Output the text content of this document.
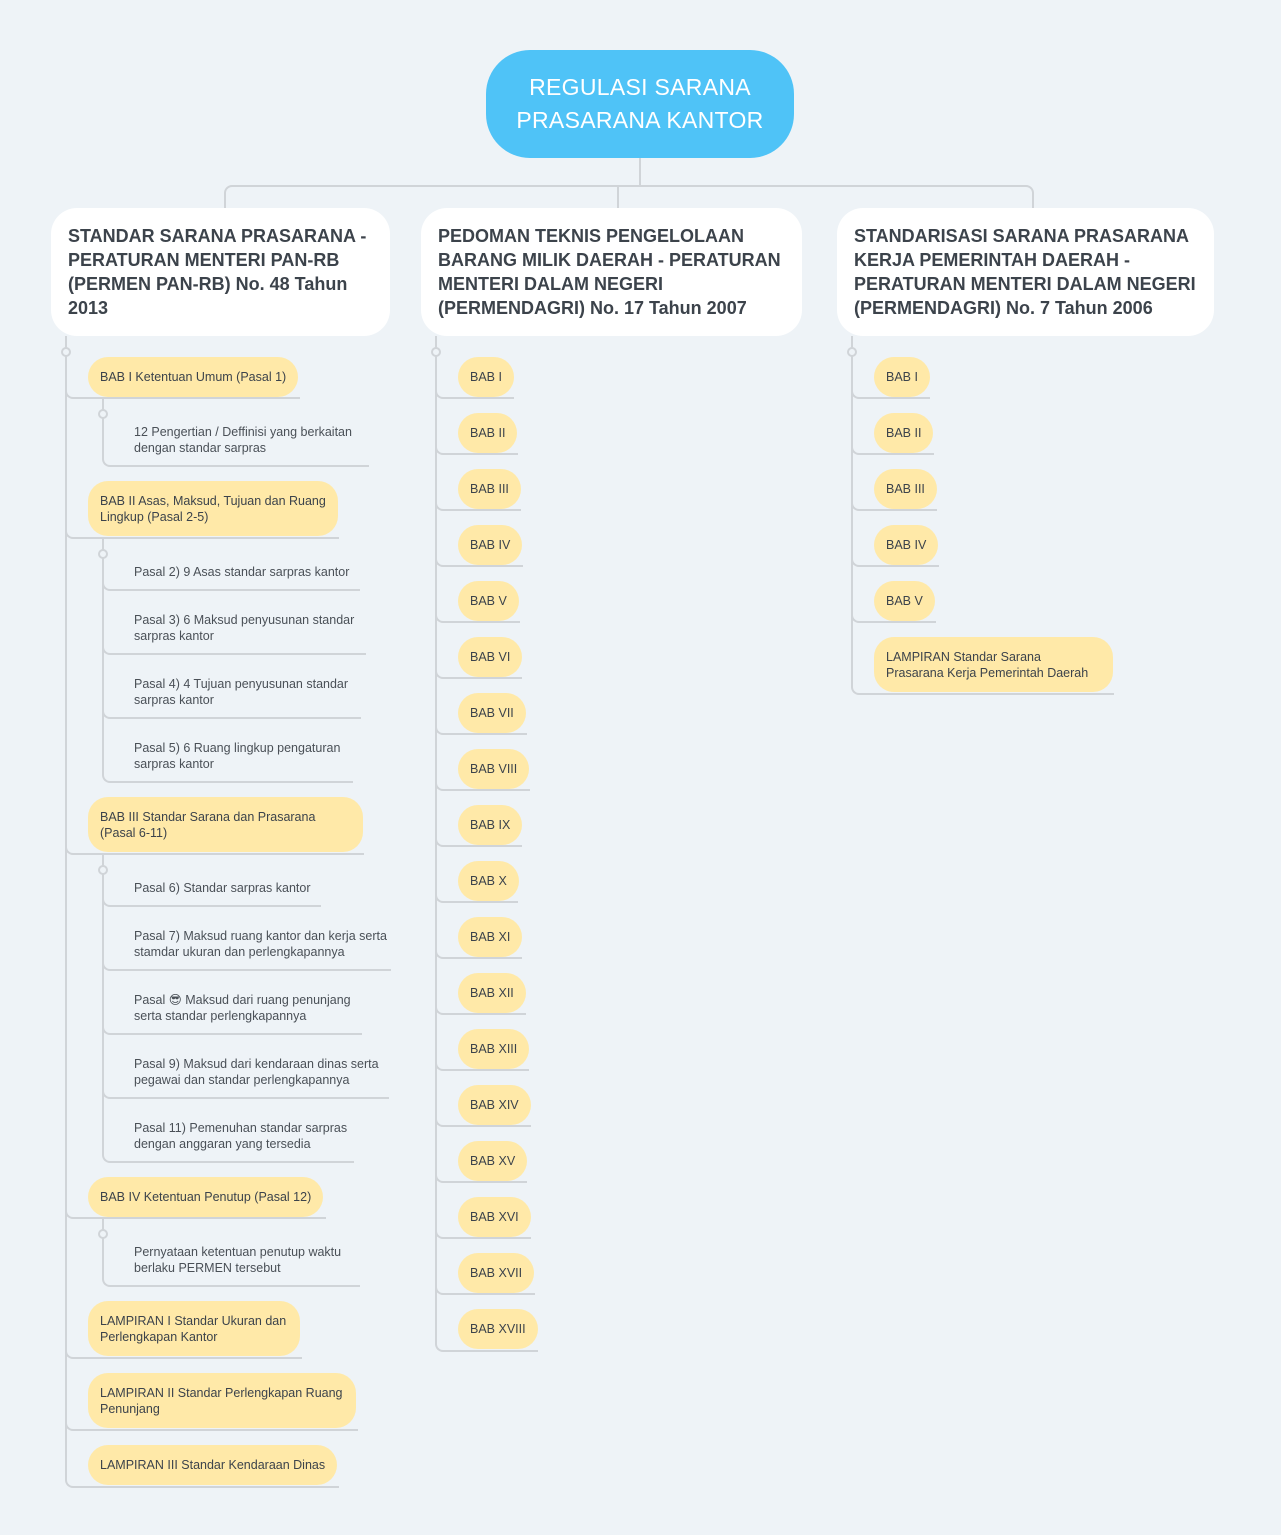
REGULASI SARANA PRASARANA KANTOR
STANDAR SARANA PRASARANA - PERATURAN MENTERI PAN-RB (PERMEN PAN-RB) No. 48 Tahun 2013
BAB I Ketentuan Umum (Pasal 1)
12 Pengertian / Deffinisi yang berkaitan dengan standar sarpras
BAB II Asas, Maksud, Tujuan dan Ruang Lingkup (Pasal 2-5)
Pasal 2) 9 Asas standar sarpras kantor
Pasal 3) 6 Maksud penyusunan standar sarpras kantor
Pasal 4) 4 Tujuan penyusunan standar sarpras kantor
Pasal 5) 6 Ruang lingkup pengaturan sarpras kantor
BAB III Standar Sarana dan Prasarana (Pasal 6-11)
Pasal 6) Standar sarpras kantor
Pasal 7) Maksud ruang kantor dan kerja serta stamdar ukuran dan perlengkapannya
Pasal 😎 Maksud dari ruang penunjang serta standar perlengkapannya
Pasal 9) Maksud dari kendaraan dinas serta pegawai dan standar perlengkapannya
Pasal 11) Pemenuhan standar sarpras dengan anggaran yang tersedia
BAB IV Ketentuan Penutup (Pasal 12)
Pernyataan ketentuan penutup waktu berlaku PERMEN tersebut
LAMPIRAN I Standar Ukuran dan Perlengkapan Kantor
LAMPIRAN II Standar Perlengkapan Ruang Penunjang
LAMPIRAN III Standar Kendaraan Dinas
PEDOMAN TEKNIS PENGELOLAAN BARANG MILIK DAERAH - PERATURAN MENTERI DALAM NEGERI (PERMENDAGRI) No. 17 Tahun 2007
STANDARISASI SARANA PRASARANA KERJA PEMERINTAH DAERAH - PERATURAN MENTERI DALAM NEGERI (PERMENDAGRI) No. 7 Tahun 2006
BAB I
BAB II
BAB III
BAB IV
BAB V
BAB VI
BAB VII
BAB VIII
BAB IX
BAB X
BAB XI
BAB XII
BAB XIII
BAB XIV
BAB XV
BAB XVI
BAB XVII
BAB XVIII
BAB I
BAB II
BAB III
BAB IV
BAB V
LAMPIRAN Standar Sarana Prasarana Kerja Pemerintah Daerah
